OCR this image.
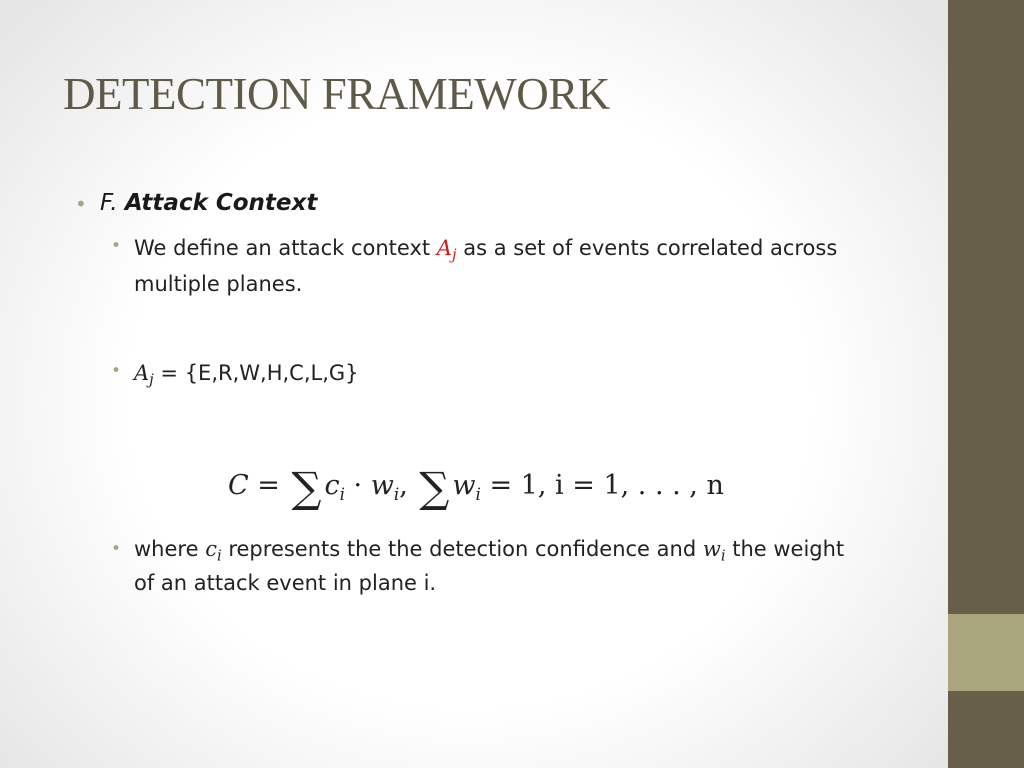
DETECTION FRAMEWORK
• F. Attack Context
• We define an attack context $A_j$ as a set of events correlated across multiple planes.
• $A_j = \{E,R,W,H,C,L,G\}$
C = ∑ $c_i \cdot w_i$, ∑ $w_i = 1$, i = 1, . . . , n
• where $c_i$ represents the the detection confidence and $w_i$ the weight of an attack event in plane i.
